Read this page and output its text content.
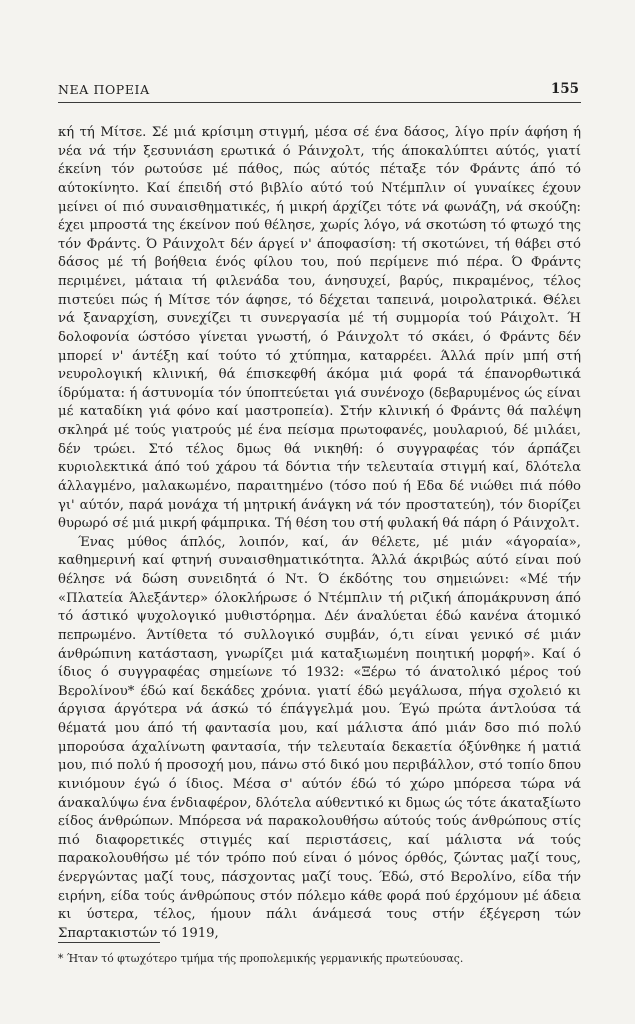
ΝΕΑ ΠΟΡΕΙΑ	155

κή τή Μίτσε. Σέ μιά κρίσιμη στιγμή, μέσα σέ ένα δάσος, λίγο πρίν άφήση ή νέα νά τήν ξεσυνιάση ερωτικά ό Ράινχολτ, τής άποκαλύπτει αύτός, γιατί έκείνη τόν ρωτούσε μέ πάθος, πώς αύτός πέταξε τόν Φράντς άπό τό αύτοκίνητο. Καί έπειδή στό βιβλίο αύτό τού Ντέμπλιν οί γυναίκες έχουν μείνει οί πιό συναισθηματικές, ή μικρή άρχίζει τότε νά φωνάζη, νά σκούζη: έχει μπροστά της έκείνον πού θέλησε, χωρίς λόγο, νά σκοτώση τό φτωχό της τόν Φράντς. Ό Ράινχολτ δέν άργεί ν' άποφασίση: τή σκοτώνει, τή θάβει στό δάσος μέ τή βοήθεια ένός φίλου του, πού περίμενε πιό πέρα. Ό Φράντς περιμένει, μάταια τή φιλενάδα του, άνησυχεί, βαρύς, πικραμένος, τέλος πιστεύει πώς ή Μίτσε τόν άφησε, τό δέχεται ταπεινά, μοιρολατρικά. Θέλει νά ξαναρχίση, συνεχίζει τι συνεργασία μέ τή συμμορία τού Ράιχολτ. Ή δολοφονία ώστόσο γίνεται γνωστή, ό Ράινχολτ τό σκάει, ό Φράντς δέν μπορεί ν' άντέξη καί τούτο τό χτύπημα, καταρρέει. Άλλά πρίν μπή στή νευρολογική κλινική, θά έπισκεφθή άκόμα μιά φορά τά έπανορθωτικά ίδρύματα: ή άστυνομία τόν ύποπτεύεται γιά συνένοχο (δεβαρυμένος ώς είναι μέ καταδίκη γιά φόνο καί μαστροπεία). Στήν κλινική ό Φράντς θά παλέψη σκληρά μέ τούς γιατρούς μέ ένα πείσμα πρωτοφανές, μουλαριού, δέ μιλάει, δέν τρώει. Στό τέλος δμως θά νικηθή: ό συγγραφέας τόν άρπάζει κυριολεκτικά άπό τού χάρου τά δόντια τήν τελευταία στιγμή καί, δλότελα άλλαγμένο, μαλακωμένο, παραιτημένο (τόσο πού ή Εδα δέ νιώθει πιά πόθο γι' αύτόν, παρά μονάχα τή μητρική άνάγκη νά τόν προστατεύη), τόν διορίζει θυρωρό σέ μιά μικρή φάμπρικα. Τή θέση του στή φυλακή θά πάρη ό Ράινχολτ.

Ένας μύθος άπλός, λοιπόν, καί, άν θέλετε, μέ μιάν «άγοραία», καθημερινή καί φτηνή συναισθηματικότητα. Άλλά άκριβώς αύτό είναι πού θέλησε νά δώση συνειδητά ό Ντ. Ό έκδότης του σημειώνει: «Μέ τήν «Πλατεία Άλεξάντερ» όλοκλήρωσε ό Ντέμπλιν τή ριζική άπομάκρυνση άπό τό άστικό ψυχολογικό μυθιστόρημα. Δέν άναλύεται έδώ κανένα άτομικό πεπρωμένο. Άντίθετα τό συλλογικό συμβάν, ό,τι είναι γενικό σέ μιάν άνθρώπινη κατάσταση, γνωρίζει μιά καταξιωμένη ποιητική μορφή». Καί ό ίδιος ό συγγραφέας σημείωνε τό 1932: «Ξέρω τό άνατολικό μέρος τού Βερολίνου* έδώ καί δεκάδες χρόνια. γιατί έδώ μεγάλωσα, πήγα σχολειό κι άργισα άργότερα νά άσκώ τό έπάγγελμά μου. Έγώ πρώτα άντλούσα τά θέματά μου άπό τή φαντασία μου, καί μάλιστα άπό μιάν δσο πιό πολύ μπορούσα άχαλίνωτη φαντασία, τήν τελευταία δεκαετία όξύνθηκε ή ματιά μου, πιό πολύ ή προσοχή μου, πάνω στό δικό μου περιβάλλον, στό τοπίο δπου κινιόμουν έγώ ό ίδιος. Μέσα σ' αύτόν έδώ τό χώρο μπόρεσα τώρα νά άνακαλύψω ένα ένδιαφέρον, δλότελα αύθεντικό κι δμως ώς τότε άκαταξίωτο είδος άνθρώπων. Μπόρεσα νά παρακολουθήσω αύτούς τούς άνθρώπους στίς πιό διαφορετικές στιγμές καί περιστάσεις, καί μάλιστα νά τούς παρακολουθήσω μέ τόν τρόπο πού είναι ό μόνος όρθός, ζώντας μαζί τους, ένεργώντας μαζί τους, πάσχοντας μαζί τους. Έδώ, στό Βερολίνο, είδα τήν ειρήνη, είδα τούς άνθρώπους στόν πόλεμο κάθε φορά πού έρχόμουν μέ άδεια κι ύστερα, τέλος, ήμουν πάλι άνάμεσά τους στήν έξέγερση τών Σπαρτακιστών τό 1919,

* Ήταν τό φτωχότερο τμήμα τής προπολεμικής γερμανικής πρωτεύουσας.
